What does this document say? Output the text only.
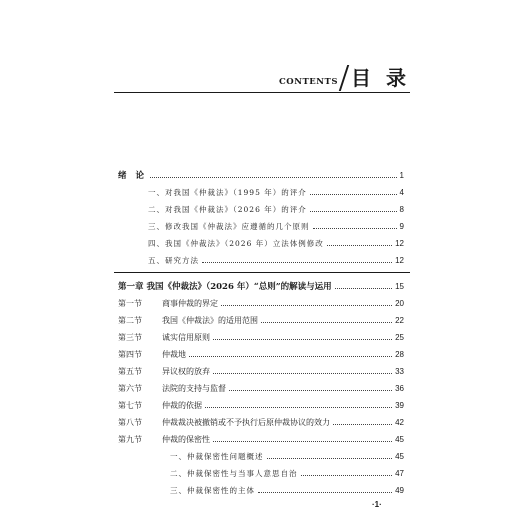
CONTENTS 目 录
绪 论	1
一、对我国《仲裁法》（1995 年）的评介	4
二、对我国《仲裁法》（2026 年）的评介	8
三、修改我国《仲裁法》应遵循的几个原则	9
四、我国《仲裁法》（2026 年）立法体例修改	12
五、研究方法	12
第一章 我国《仲裁法》（2026 年）“总则”的解读与运用	15
第一节	商事仲裁的界定	20
第二节	我国《仲裁法》的适用范围	22
第三节	诚实信用原则	25
第四节	仲裁地	28
第五节	异议权的放弃	33
第六节	法院的支持与监督	36
第七节	仲裁的依据	39
第八节	仲裁裁决被撤销或不予执行后原仲裁协议的效力	42
第九节	仲裁的保密性	45
一、仲裁保密性问题概述	45
二、仲裁保密性与当事人意思自治	47
三、仲裁保密性的主体	49
·1·
